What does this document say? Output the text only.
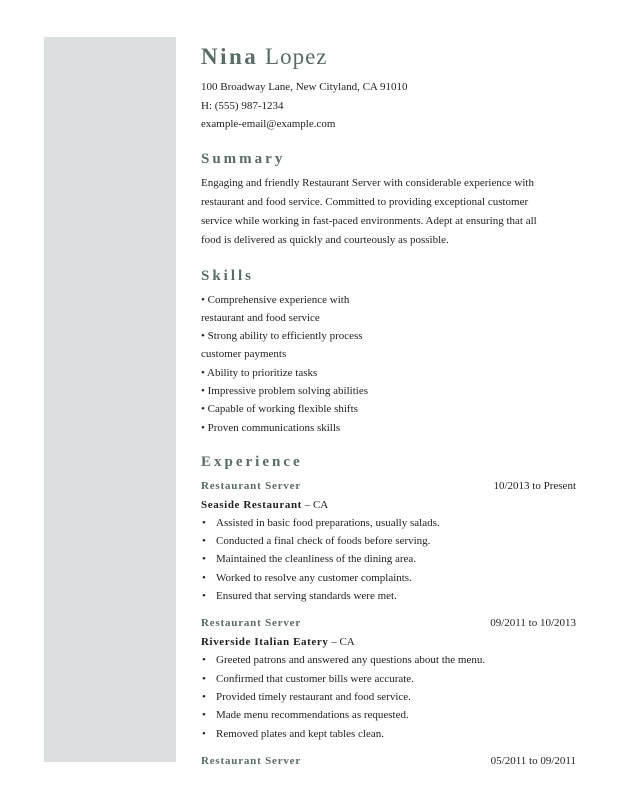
Nina Lopez
100 Broadway Lane, New Cityland, CA 91010
H: (555) 987-1234
example-email@example.com
Summary
Engaging and friendly Restaurant Server with considerable experience with
restaurant and food service. Committed to providing exceptional customer
service while working in fast-paced environments. Adept at ensuring that all
food is delivered as quickly and courteously as possible.
Skills
• Comprehensive experience with
restaurant and food service
• Strong ability to efficiently process
customer payments
• Ability to prioritize tasks
• Impressive problem solving abilities
• Capable of working flexible shifts
• Proven communications skills
Experience
Restaurant Server	10/2013 to Present
Seaside Restaurant – CA
• Assisted in basic food preparations, usually salads.
• Conducted a final check of foods before serving.
• Maintained the cleanliness of the dining area.
• Worked to resolve any customer complaints.
• Ensured that serving standards were met.
Restaurant Server	09/2011 to 10/2013
Riverside Italian Eatery – CA
• Greeted patrons and answered any questions about the menu.
• Confirmed that customer bills were accurate.
• Provided timely restaurant and food service.
• Made menu recommendations as requested.
• Removed plates and kept tables clean.
Restaurant Server	05/2011 to 09/2011
